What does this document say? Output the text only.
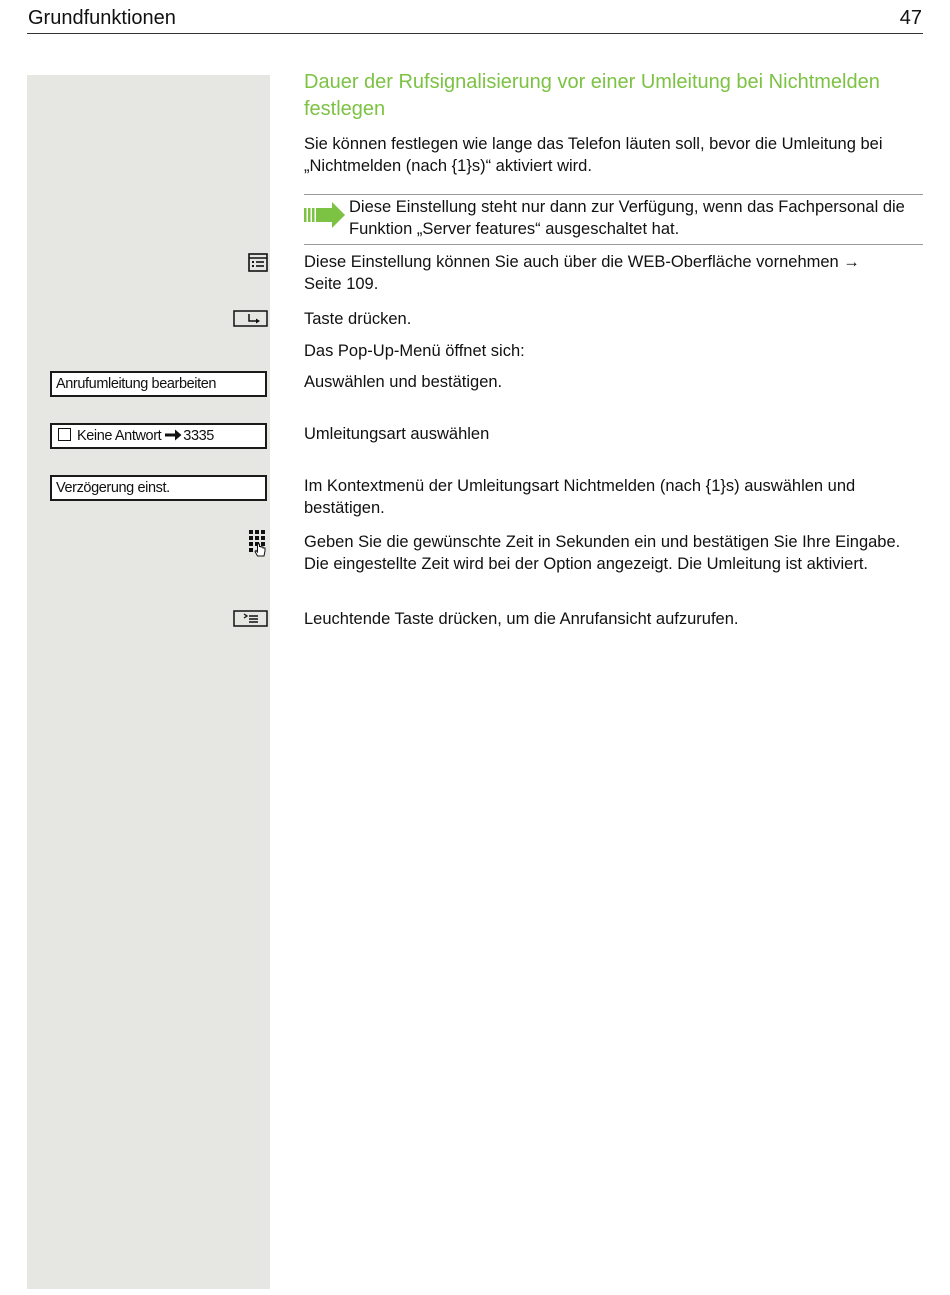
Grundfunktionen	47
Dauer der Rufsignalisierung vor einer Umleitung bei Nichtmelden festlegen
Sie können festlegen wie lange das Telefon läuten soll, bevor die Umleitung bei „Nichtmelden (nach {1}s)“ aktiviert wird.
Diese Einstellung steht nur dann zur Verfügung, wenn das Fachpersonal die Funktion „Server features“ ausgeschaltet hat.
Diese Einstellung können Sie auch über die WEB-Oberfläche vornehmen → Seite 109.
Taste drücken.
Das Pop-Up-Menü öffnet sich:
Anrufumleitung bearbeiten	Auswählen und bestätigen.
Keine Antwort 3335	Umleitungsart auswählen
Verzögerung einst.	Im Kontextmenü der Umleitungsart Nichtmelden (nach {1}s) auswählen und bestätigen.
Geben Sie die gewünschte Zeit in Sekunden ein und bestätigen Sie Ihre Eingabe. Die eingestellte Zeit wird bei der Option angezeigt. Die Umleitung ist aktiviert.
Leuchtende Taste drücken, um die Anrufansicht aufzurufen.
